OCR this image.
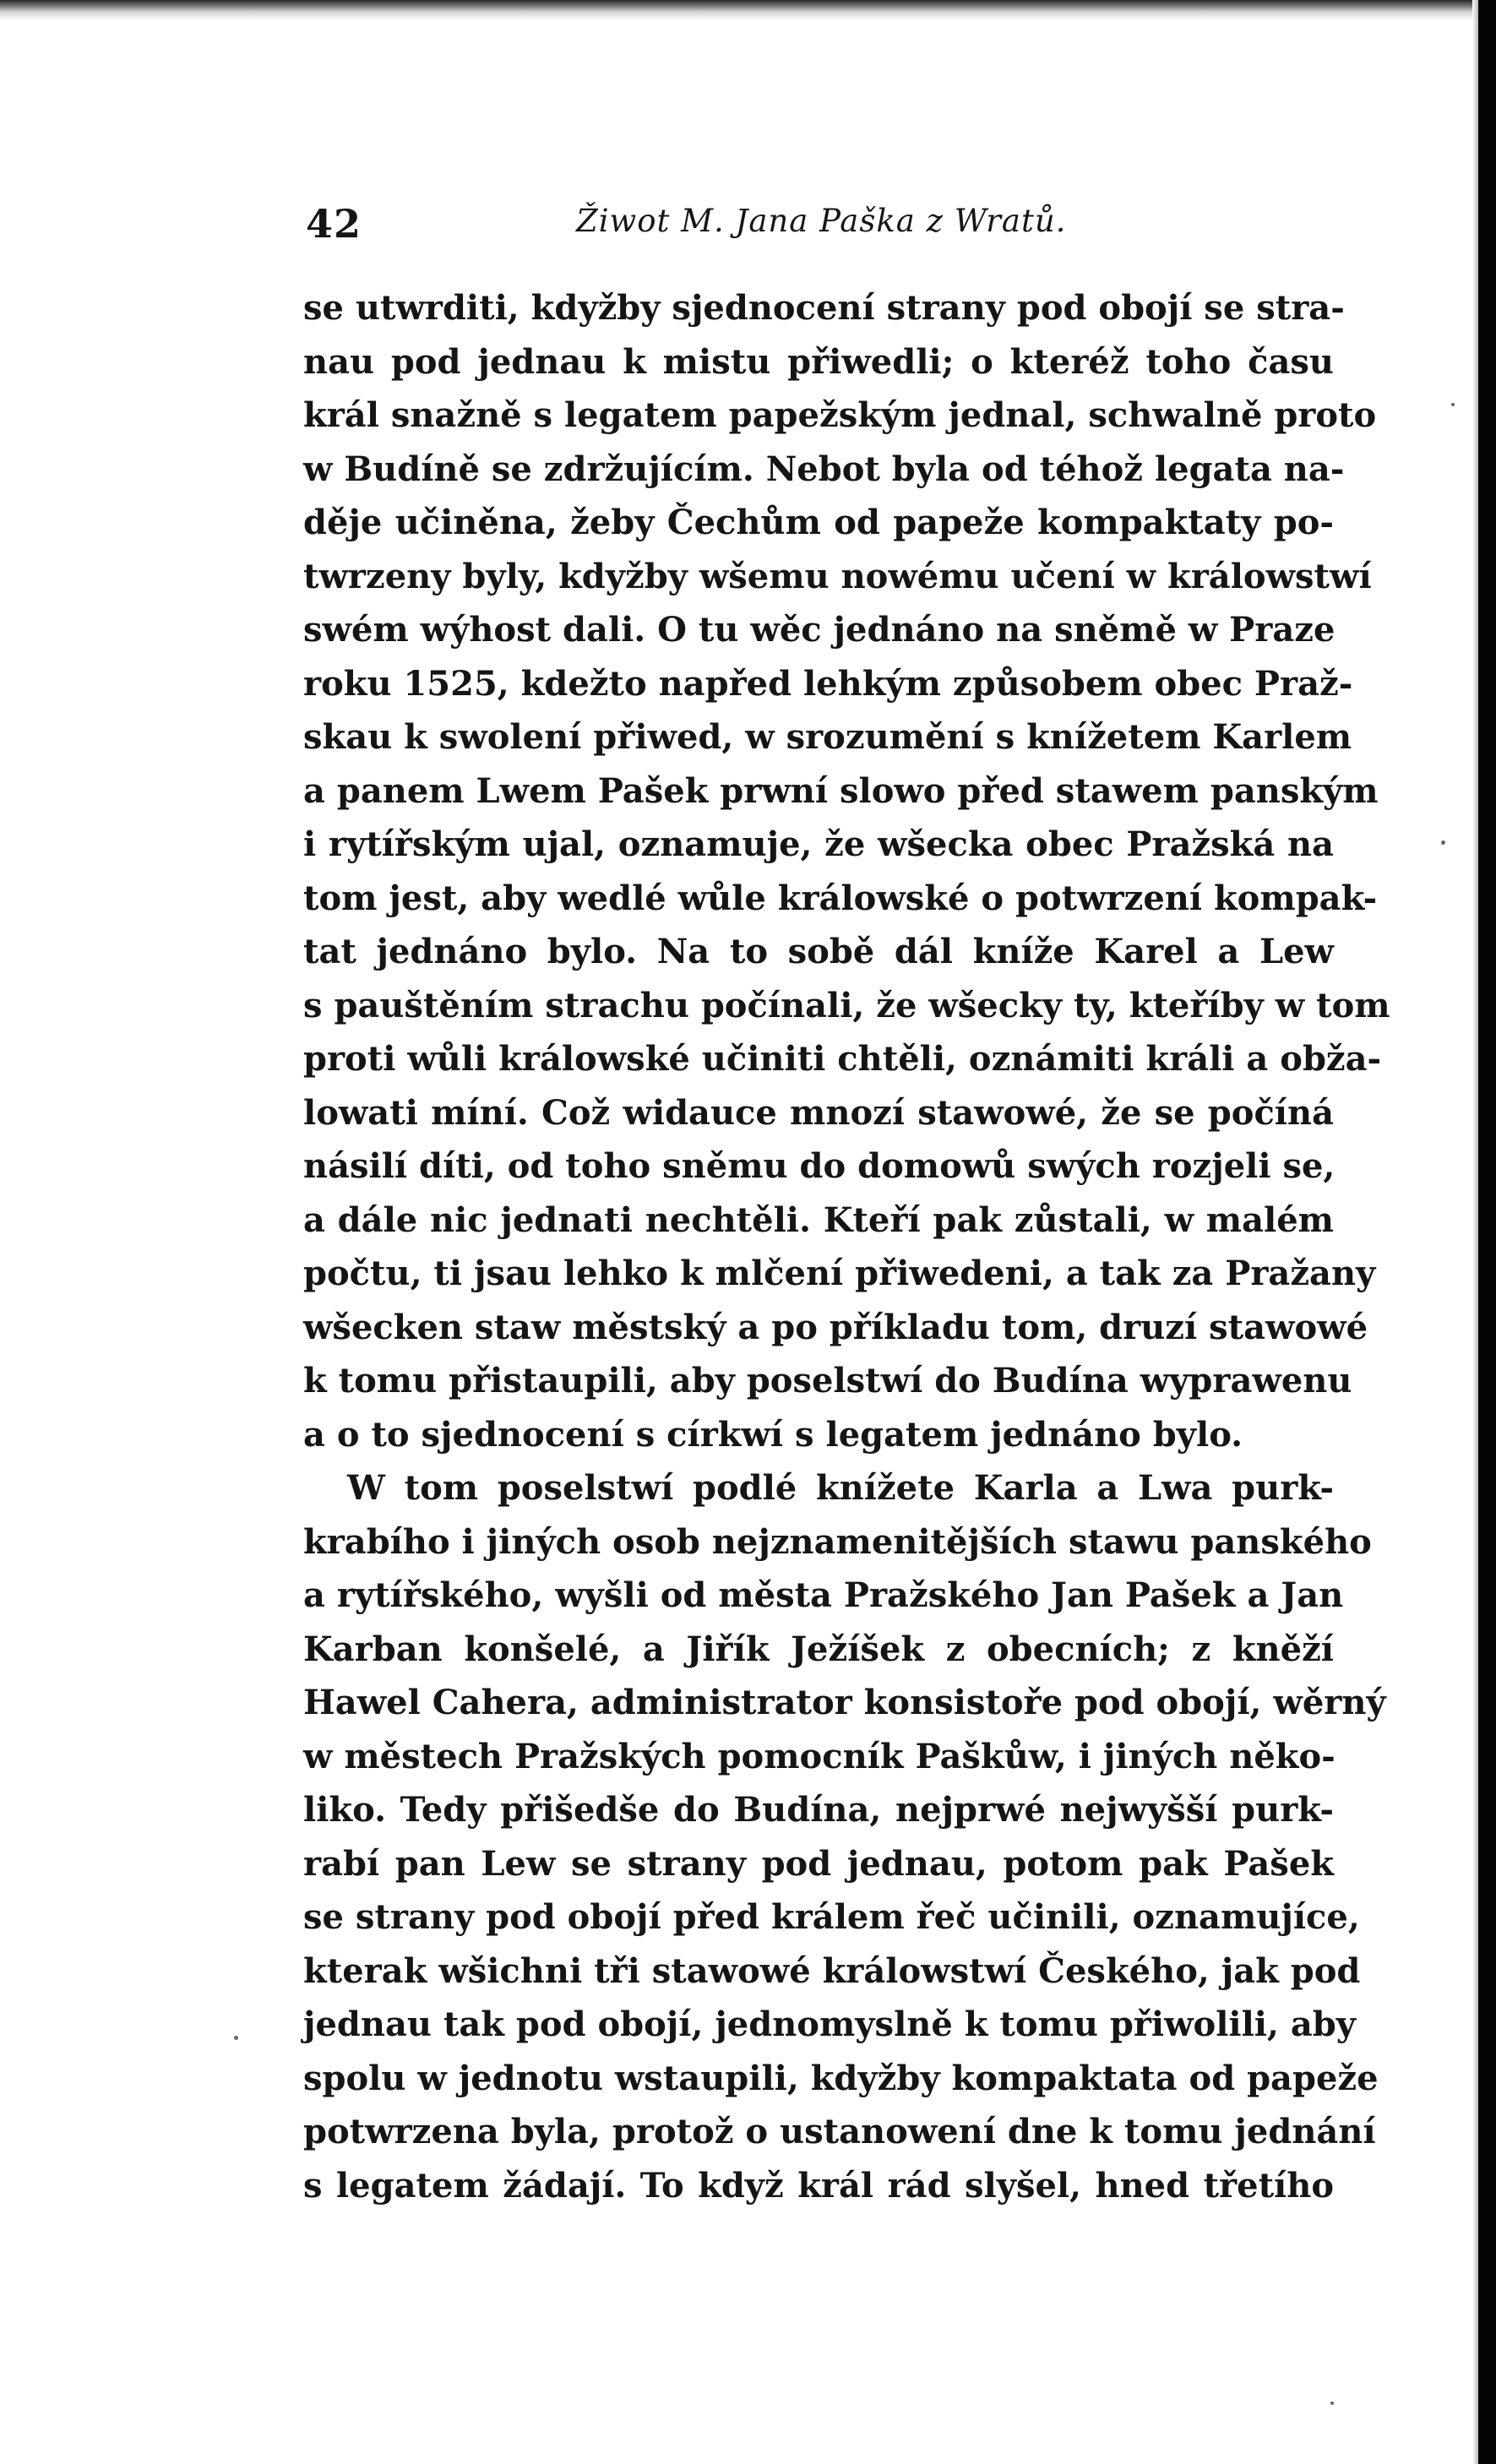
42	Žiwot M. Jana Paška z Wratů.
se utwrditi, kdyžby sjednocení strany pod obojí se stra-
nau pod jednau k mistu přiwedli; o kteréž toho času
král snažně s legatem papežským jednal, schwalně proto
w Budíně se zdržujícím. Nebot byla od téhož legata na-
děje učiněna, žeby Čechům od papeže kompaktaty po-
twrzeny byly, kdyžby wšemu nowému učení w králowstwí
swém wýhost dali. O tu wěc jednáno na sněmě w Praze
roku 1525, kdežto napřed lehkým způsobem obec Praž-
skau k swolení přiwed, w srozumění s knížetem Karlem
a panem Lwem Pašek prwní slowo před stawem panským
i rytířským ujal, oznamuje, že wšecka obec Pražská na
tom jest, aby wedlé wůle králowské o potwrzení kompak-
tat jednáno bylo. Na to sobě dál kníže Karel a Lew
s pauštěním strachu počínali, že wšecky ty, kteříby w tom
proti wůli králowské učiniti chtěli, oznámiti králi a obža-
lowati míní. Což widauce mnozí stawowé, že se počíná
násilí díti, od toho sněmu do domowů swých rozjeli se,
a dále nic jednati nechtěli. Kteří pak zůstali, w malém
počtu, ti jsau lehko k mlčení přiwedeni, a tak za Pražany
wšecken staw městský a po příkladu tom, druzí stawowé
k tomu přistaupili, aby poselstwí do Budína wyprawenu
a o to sjednocení s církwí s legatem jednáno bylo.
W tom poselstwí podlé knížete Karla a Lwa purk-
krabího i jiných osob nejznamenitějších stawu panského
a rytířského, wyšli od města Pražského Jan Pašek a Jan
Karban konšelé, a Jiřík Ježíšek z obecních; z kněží
Hawel Cahera, administrator konsistoře pod obojí, wěrný
w městech Pražských pomocník Paškůw, i jiných něko-
liko. Tedy přišedše do Budína, nejprwé nejwyšší purk-
rabí pan Lew se strany pod jednau, potom pak Pašek
se strany pod obojí před králem řeč učinili, oznamujíce,
kterak wšichni tři stawowé králowstwí Českého, jak pod
jednau tak pod obojí, jednomyslně k tomu přiwolili, aby
spolu w jednotu wstaupili, kdyžby kompaktata od papeže
potwrzena byla, protož o ustanowení dne k tomu jednání
s legatem žádají. To když král rád slyšel, hned třetího
